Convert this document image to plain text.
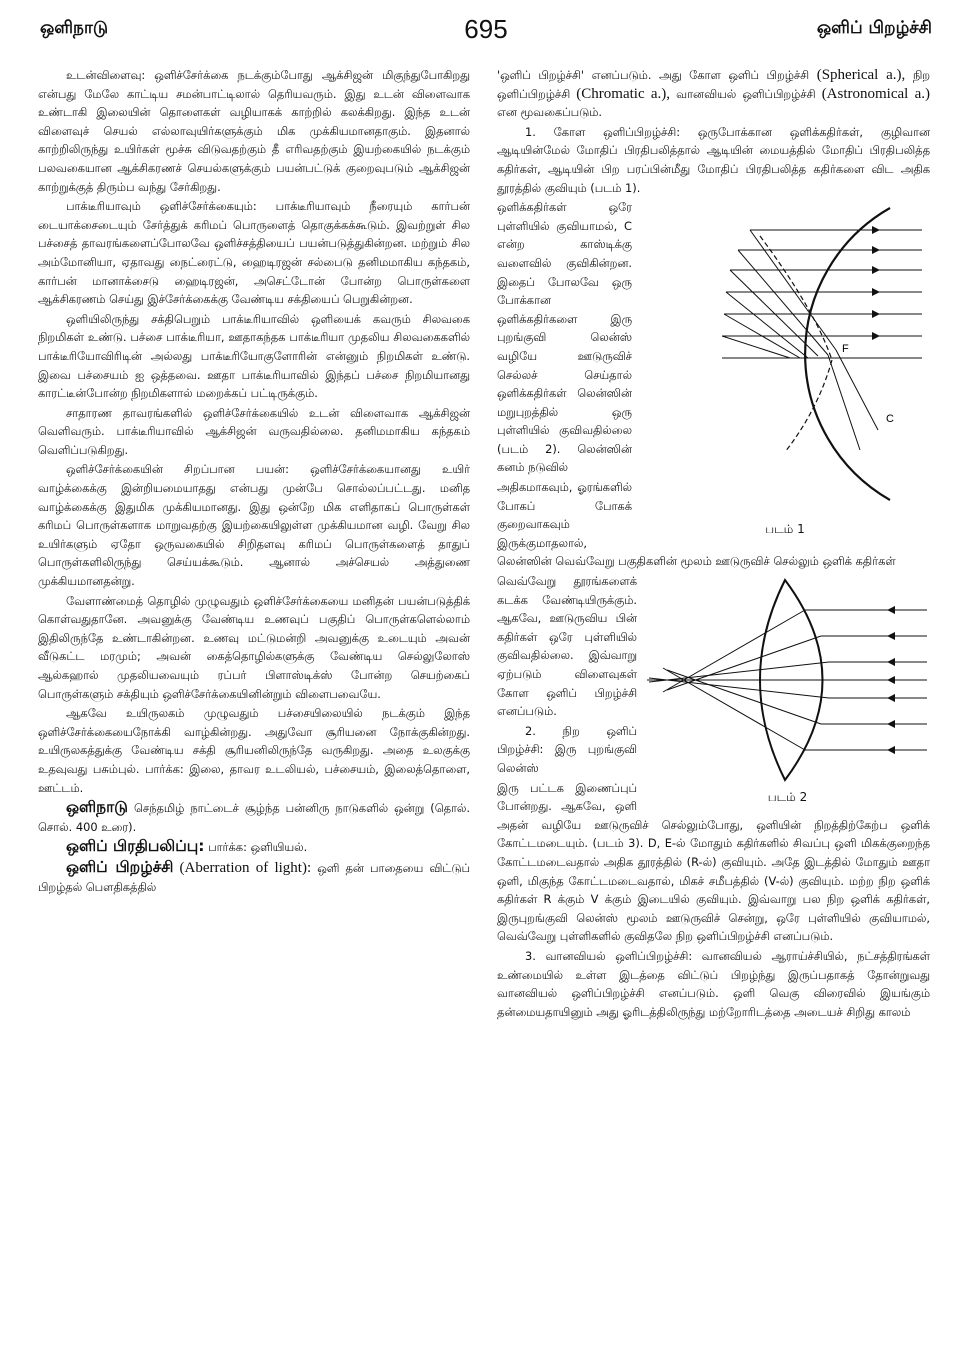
ஒளிநாடு	695	ஒளிப் பிறழ்ச்சி

உடன்விளைவு: ஒளிச்சேர்க்கை நடக்கும்போது ஆக்சிஜன் மிகுந்துபோகிறது என்பது மேலே காட்டிய சமன்பாட்டிலால் தெரியவரும். இது உடன் விளைவாக உண்டாகி இலையின் தொளைகள் வழியாகக் காற்றில் கலக்கிறது. இந்த உடன் விளைவுச் செயல் எல்லாவுயிர்களுக்கும் மிக முக்கியமானதாகும். இதனால் காற்றிலிருந்து உயிர்கள் மூச்சு விடுவதற்கும் தீ எரிவதற்கும் இயற்கையில் நடக்கும் பலவகையான ஆக்சிகரணச் செயல்களுக்கும் பயன்பட்டுக் குறைவுபடும் ஆக்சிஜன் காற்றுக்குத் திரும்ப வந்து சேர்கிறது.

பாக்டீரியாவும் ஒளிச்சேர்க்கையும்: பாக்டீரியாவும் நீரையும் கார்பன் டையாக்சைடையும் சேர்த்துக் கரிமப் பொருளைத் தொகுக்கக்கூடும். இவற்றுள் சில பச்சைத் தாவரங்களைப்போலவே ஒளிச்சத்தியைப் பயன்படுத்துகின்றன. மற்றும் சில அம்மோனியா, ஏதாவது நைட்ரைட்டு, ஹைடிரஜன் சல்பைடு தனிமமாகிய கந்தகம், கார்பன் மானாக்சைடு ஹைடிரஜன், அசெட்டோன் போன்ற பொருள்களை ஆக்சிகரணம் செய்து இச்சேர்க்கைக்கு வேண்டிய சக்தியைப் பெறுகின்றன.

ஒளியிலிருந்து சக்திபெறும் பாக்டீரியாவில் ஒளியைக் கவரும் சிலவகை நிறமிகள் உண்டு. பச்சை பாக்டீரியா, ஊதாகந்தக பாக்டீரியா முதலிய சிலவகைகளில் பாக்டீரியோவிரிடின் அல்லது பாக்டீரியோகுளோரின் என்னும் நிறமிகள் உண்டு. இவை பச்சையம் ஐ ஒத்தவை. ஊதா பாக்டீரியாவில் இந்தப் பச்சை நிறமியானது காரட்டீன்போன்ற நிறமிகளால் மறைக்கப் பட்டிருக்கும்.

சாதாரண தாவரங்களில் ஒளிச்சேர்க்கையில் உடன் விளைவாக ஆக்சிஜன் வெளிவரும். பாக்டீரியாவில் ஆக்சிஜன் வருவதில்லை. தனிமமாகிய கந்தகம் வெளிப்படுகிறது.

ஒளிச்சேர்க்கையின் சிறப்பான பயன்: ஒளிச்சேர்க்கையானது உயிர் வாழ்க்கைக்கு இன்றியமையாதது என்பது முன்பே சொல்லப்பட்டது. மனித வாழ்க்கைக்கு இதுமிக முக்கியமானது. இது ஒன்றே மிக எளிதாகப் பொருள்கள் கரிமப் பொருள்களாக மாறுவதற்கு இயற்கையிலுள்ள முக்கியமான வழி. வேறு சில உயிர்களும் ஏதோ ஒருவகையில் சிறிதளவு கரிமப் பொருள்களைத் தாதுப் பொருள்களிலிருந்து செய்யக்கூடும். ஆனால் அச்செயல் அத்துணை முக்கியமானதன்று.

வேளாண்மைத் தொழில் முழுவதும் ஒளிச்சேர்க்கையை மனிதன் பயன்படுத்திக் கொள்வதுதானே. அவனுக்கு வேண்டிய உணவுப் பகுதிப் பொருள்களெல்லாம் இதிலிருந்தே உண்டாகின்றன. உணவு மட்டுமன்றி அவனுக்கு உடையும் அவன் வீடுகட்ட மரமும்; அவன் கைத்தொழில்களுக்கு வேண்டிய செல்லுலோஸ் ஆல்கஹால் முதலியவையும் ரப்பர் பிளாஸ்டிக்ஸ் போன்ற செயற்கைப் பொருள்களும் சக்தியும் ஒளிச்சேர்க்கையினின்றும் விளைபவையே.

ஆகவே உயிருலகம் முழுவதும் பச்சையிலையில் நடக்கும் இந்த ஒளிச்சேர்க்கையைநோக்கி வாழ்கின்றது. அதுவோ சூரியனை நோக்குகின்றது. உயிருலகத்துக்கு வேண்டிய சக்தி சூரியனிலிருந்தே வருகிறது. அதை உலகுக்கு உதவுவது பசும்புல். பார்க்க: இலை, தாவர உடலியல், பச்சையம், இலைத்தொளை, ஊட்டம்.

ஒளிநாடு செந்தமிழ் நாட்டைச் சூழ்ந்த பன்னிரு நாடுகளில் ஒன்று (தொல். சொல். 400 உரை).

ஒளிப் பிரதிபலிப்பு: பார்க்க: ஒளியியல்.

ஒளிப் பிறழ்ச்சி (Aberration of light): ஒளி தன் பாதையை விட்டுப் பிறழ்தல் பௌதிகத்தில்

'ஒளிப் பிறழ்ச்சி' எனப்படும். அது கோள ஒளிப் பிறழ்ச்சி (Spherical a.), நிற ஒளிப்பிறழ்ச்சி (Chromatic a.), வானவியல் ஒளிப்பிறழ்ச்சி (Astronomical a.) என மூவகைப்படும்.

1. கோள ஒளிப்பிறழ்ச்சி: ஒருபோக்கான ஒளிக்கதிர்கள், குழிவான ஆடியின்மேல் மோதிப் பிரதிபலித்தால் ஆடியின் மையத்தில் மோதிப் பிரதிபலித்த கதிர்கள், ஆடியின் பிற பரப்பின்மீது மோதிப் பிரதிபலித்த கதிர்களை விட அதிக தூரத்தில் குவியும் (படம் 1).

F
C
படம் 1

ஒளிக்கதிர்கள் ஒரே புள்ளியில் குவியாமல், C என்ற காஸ்டிக்கு வளைவில் குவிகின்றன. இதைப் போலவே ஒரு போக்கான ஒளிக்கதிர்களை இரு புறங்குவி லென்ஸ் வழியே ஊடுருவிச் செல்லச் செய்தால் ஒளிக்கதிர்கள் லென்ஸின் மறுபுறத்தில் ஒரு புள்ளியில் குவிவதில்லை (படம் 2). லென்ஸின் கனம் நடுவில்

அதிகமாகவும், ஓரங்களில் போகப் போகக் குறைவாகவும் இருக்குமாதலால், லென்ஸின் வெவ்வேறு பகுதிகளின் மூலம் ஊடுருவிச் செல்லும் ஒளிக் கதிர்கள்

படம் 2

வெவ்வேறு தூரங்களைக் கடக்க வேண்டியிருக்கும். ஆகவே, ஊடுருவிய பின் கதிர்கள் ஒரே புள்ளியில் குவிவதில்லை. இவ்வாறு ஏற்படும் விளைவுகள் கோள ஒளிப் பிறழ்ச்சி எனப்படும்.

2. நிற ஒளிப் பிறழ்ச்சி: இரு புறங்குவி லென்ஸ்

இரு பட்டக இணைப்புப் போன்றது. ஆகவே, ஒளி அதன் வழியே ஊடுருவிச் செல்லும்போது, ஒளியின் நிறத்திற்கேற்ப ஒளிக் கோட்டமடையும். (படம் 3). D, E-ல் மோதும் கதிர்களில் சிவப்பு ஒளி மிகக்குறைந்த கோட்டமடைவதால் அதிக தூரத்தில் (R-ல்) குவியும். அதே இடத்தில் மோதும் ஊதா ஒளி, மிகுந்த கோட்டமடைவதால், மிகச் சமீபத்தில் (V-ல்) குவியும். மற்ற நிற ஒளிக் கதிர்கள் R க்கும் V க்கும் இடையில் குவியும். இவ்வாறு பல நிற ஒளிக் கதிர்கள், இருபுறங்குவி லென்ஸ் மூலம் ஊடுருவிச் சென்று, ஒரே புள்ளியில் குவியாமல், வெவ்வேறு புள்ளிகளில் குவிதலே நிற ஒளிப்பிறழ்ச்சி எனப்படும்.

3. வானவியல் ஒளிப்பிறழ்ச்சி: வானவியல் ஆராய்ச்சியில், நட்சத்திரங்கள் உண்மையில் உள்ள இடத்தை விட்டுப் பிறழ்ந்து இருப்பதாகத் தோன்றுவது வானவியல் ஒளிப்பிறழ்ச்சி எனப்படும். ஒளி வெகு விரைவில் இயங்கும் தன்மையதாயினும் அது ஓரிடத்திலிருந்து மற்றோரிடத்தை அடையச் சிறிது காலம்
